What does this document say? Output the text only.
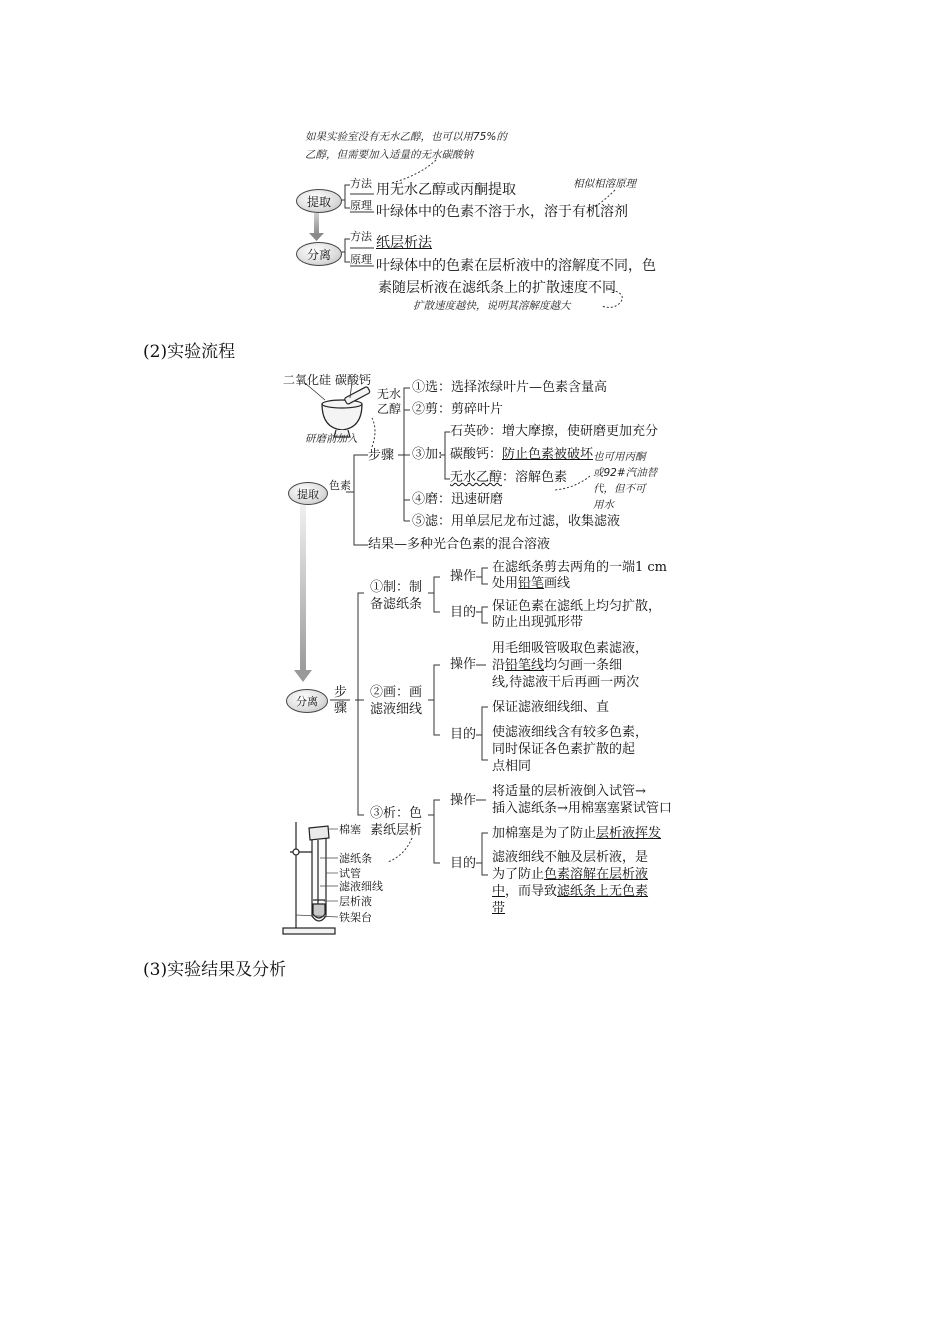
如果实验室没有无水乙醇，也可以用75%的
乙醇，但需要加入适量的无水碳酸钠
相似相溶原理
提取
分离
方法
原理
用无水乙醇或丙酮提取
叶绿体中的色素不溶于水，溶于有机溶剂
方法
原理
纸层析法
叶绿体中的色素在层析液中的溶解度不同，色
素随层析液在滤纸条上的扩散速度不同
扩散速度越快，说明其溶解度越大
(2)实验流程
二氧化硅 碳酸钙
无水
乙醇
研磨前加入
提取
色素
步骤
①选：选择浓绿叶片—色素含量高
②剪：剪碎叶片
③加:
石英砂：增大摩擦，使研磨更加充分
碳酸钙：防止色素被破坏
无水乙醇：溶解色素
也可用丙酮
或92#汽油替
代，但不可
用水
④磨：迅速研磨
⑤滤：用单层尼龙布过滤，收集滤液
结果—多种光合色素的混合溶液
分离
步
骤
①制：制
备滤纸条
操作
目的
在滤纸条剪去两角的一端1 cm
处用铅笔画线
保证色素在滤纸上均匀扩散，
防止出现弧形带
②画：画
滤液细线
操作
目的
用毛细吸管吸取色素滤液，
沿铅笔线均匀画一条细
线,待滤液干后再画一两次
保证滤液细线细、直
使滤液细线含有较多色素，
同时保证各色素扩散的起
点相同
③析：色
素纸层析
操作
目的
将适量的层析液倒入试管→
插入滤纸条→用棉塞塞紧试管口
加棉塞是为了防止层析液挥发
滤液细线不触及层析液，是
为了防止色素溶解在层析液
中，而导致滤纸条上无色素
带
棉塞
滤纸条
试管
滤液细线
层析液
铁架台
(3)实验结果及分析
